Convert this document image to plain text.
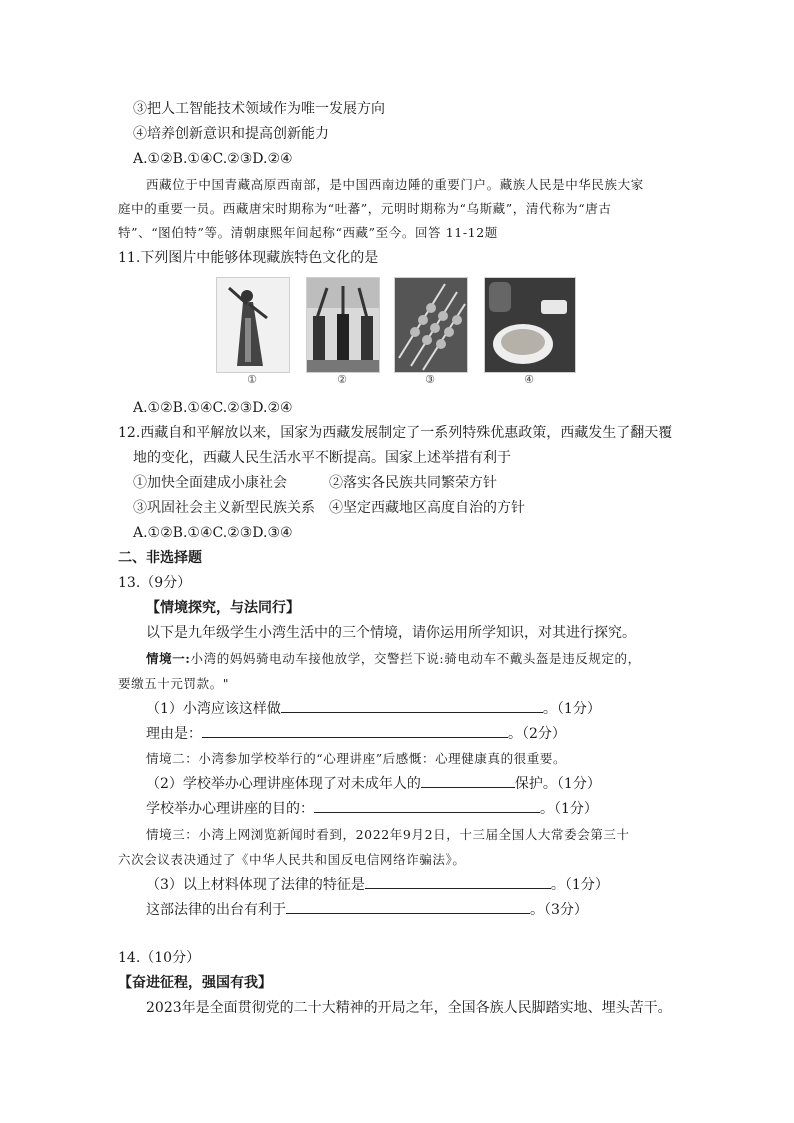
③把人工智能技术领域作为唯一发展方向
④培养创新意识和提高创新能力
A.①②B.①④C.②③D.②④
西藏位于中国青藏高原西南部，是中国西南边陲的重要门户。藏族人民是中华民族大家
庭中的重要一员。西藏唐宋时期称为“吐蕃”，元明时期称为“乌斯藏”，清代称为“唐古
特”、“图伯特”等。清朝康熙年间起称“西藏”至今。回答 11-12题
11.下列图片中能够体现藏族特色文化的是
①	②	③	④
A.①②B.①④C.②③D.②④
12.西藏自和平解放以来，国家为西藏发展制定了一系列特殊优惠政策，西藏发生了翻天覆
地的变化，西藏人民生活水平不断提高。国家上述举措有利于
①加快全面建成小康社会	②落实各民族共同繁荣方针
③巩固社会主义新型民族关系 ④坚定西藏地区高度自治的方针
A.①②B.①④C.②③D.③④
二、非选择题
13.（9分）
【情境探究，与法同行】
以下是九年级学生小湾生活中的三个情境，请你运用所学知识，对其进行探究。
情境一:小湾的妈妈骑电动车接他放学，交警拦下说:骑电动车不戴头盔是违反规定的，
要缴五十元罚款。"
（1）小湾应该这样做	。（1分）
理由是：	。（2分）
情境二：小湾参加学校举行的“心理讲座”后感慨：心理健康真的很重要。
（2）学校举办心理讲座体现了对未成年人的	保护。（1分）
学校举办心理讲座的目的：	。（1分）
情境三：小湾上网浏览新闻时看到，2022年9月2日，十三届全国人大常委会第三十
六次会议表决通过了《中华人民共和国反电信网络诈骗法》。
（3）以上材料体现了法律的特征是	。（1分）
这部法律的出台有利于	。（3分）
14.（10分）
【奋进征程，强国有我】
2023年是全面贯彻党的二十大精神的开局之年，全国各族人民脚踏实地、埋头苦干。
